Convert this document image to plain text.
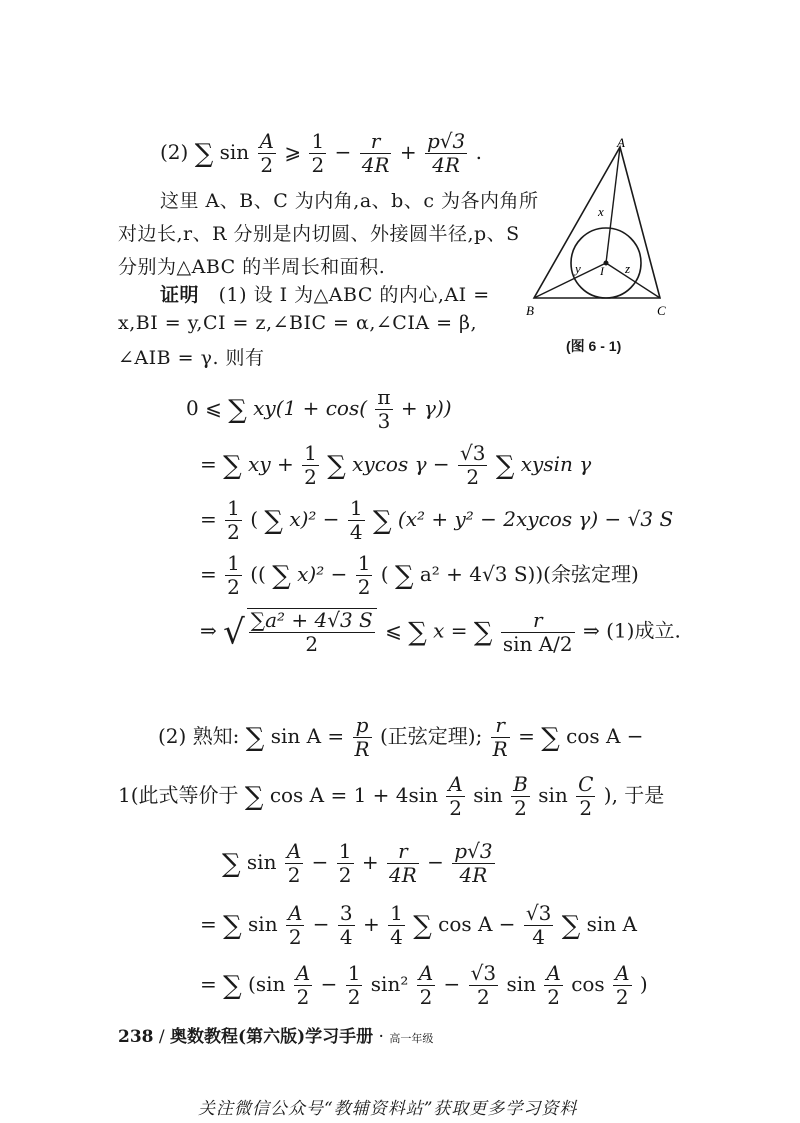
(2) ∑ $\sin \frac{A}{2}$ ⩾ $\frac{1}{2} - \frac{r}{4R} + \frac{p√3}{4R}$ .
这里 A、B、C 为内角,a、b、c 为各内角所
对边长,r、R 分别是内切圆、外接圆半径,p、S
分别为△ABC 的半周长和面积.
证明 (1) 设 I 为△ABC 的内心,AI =
x,BI = y,CI = z,∠BIC = α,∠CIA = β,
∠AIB = γ. 则有
A
B	C
I
x
y	z
(图 6 - 1)
0 ⩽ ∑ $xy(1 + \cos( \frac{\pi}{3} + \gamma))$
= ∑ xy + $\frac{1}{2}$ ∑ xycos $\gamma - \frac{√3}{2}$ ∑ xysin γ
= $\frac{1}{2}$ ( ∑ $x)^2 - \frac{1}{4}$ ∑ (x² + y² − 2xycos γ) − √3 S
= $\frac{1}{2}$ (( ∑ $x)^2 - \frac{1}{2}$ ( ∑ a² + 4√3 S))(余弦定理)
⇒ √ $\frac{\text{∑a² + 4√3 S}}{2}$ ⩽ ∑ x = ∑ $\frac{r}{\text{sin A/2}}$ ⇒ (1)成立.
(2) 熟知: ∑ $\sin A = \frac{p}{R}$ (正弦定理); $\frac{r}{R}$ = ∑ cos A −
1(此式等价于 ∑ $\cos A = 1 + 4\sin \frac{A}{2}$ $\sin \frac{B}{2}$ $\sin \frac{C}{2}$ ), 于是
∑ $\sin \frac{A}{2} - \frac{1}{2} + \frac{r}{4R} - \frac{p√3}{4R}$
= ∑ $\sin \frac{A}{2} - \frac{3}{4} + \frac{1}{4}$ ∑ $\cos A - \frac{√3}{4}$ ∑ sin A
= ∑ ($\sin \frac{A}{2} - \frac{1}{2} \sin^2 \frac{A}{2} - \frac{√3}{2}$ $\sin \frac{A}{2}$ $\cos \frac{A}{2}$ )
238 / 奥数教程(第六版)学习手册 · 高一年级
关注微信公众号“教辅资料站”获取更多学习资料
